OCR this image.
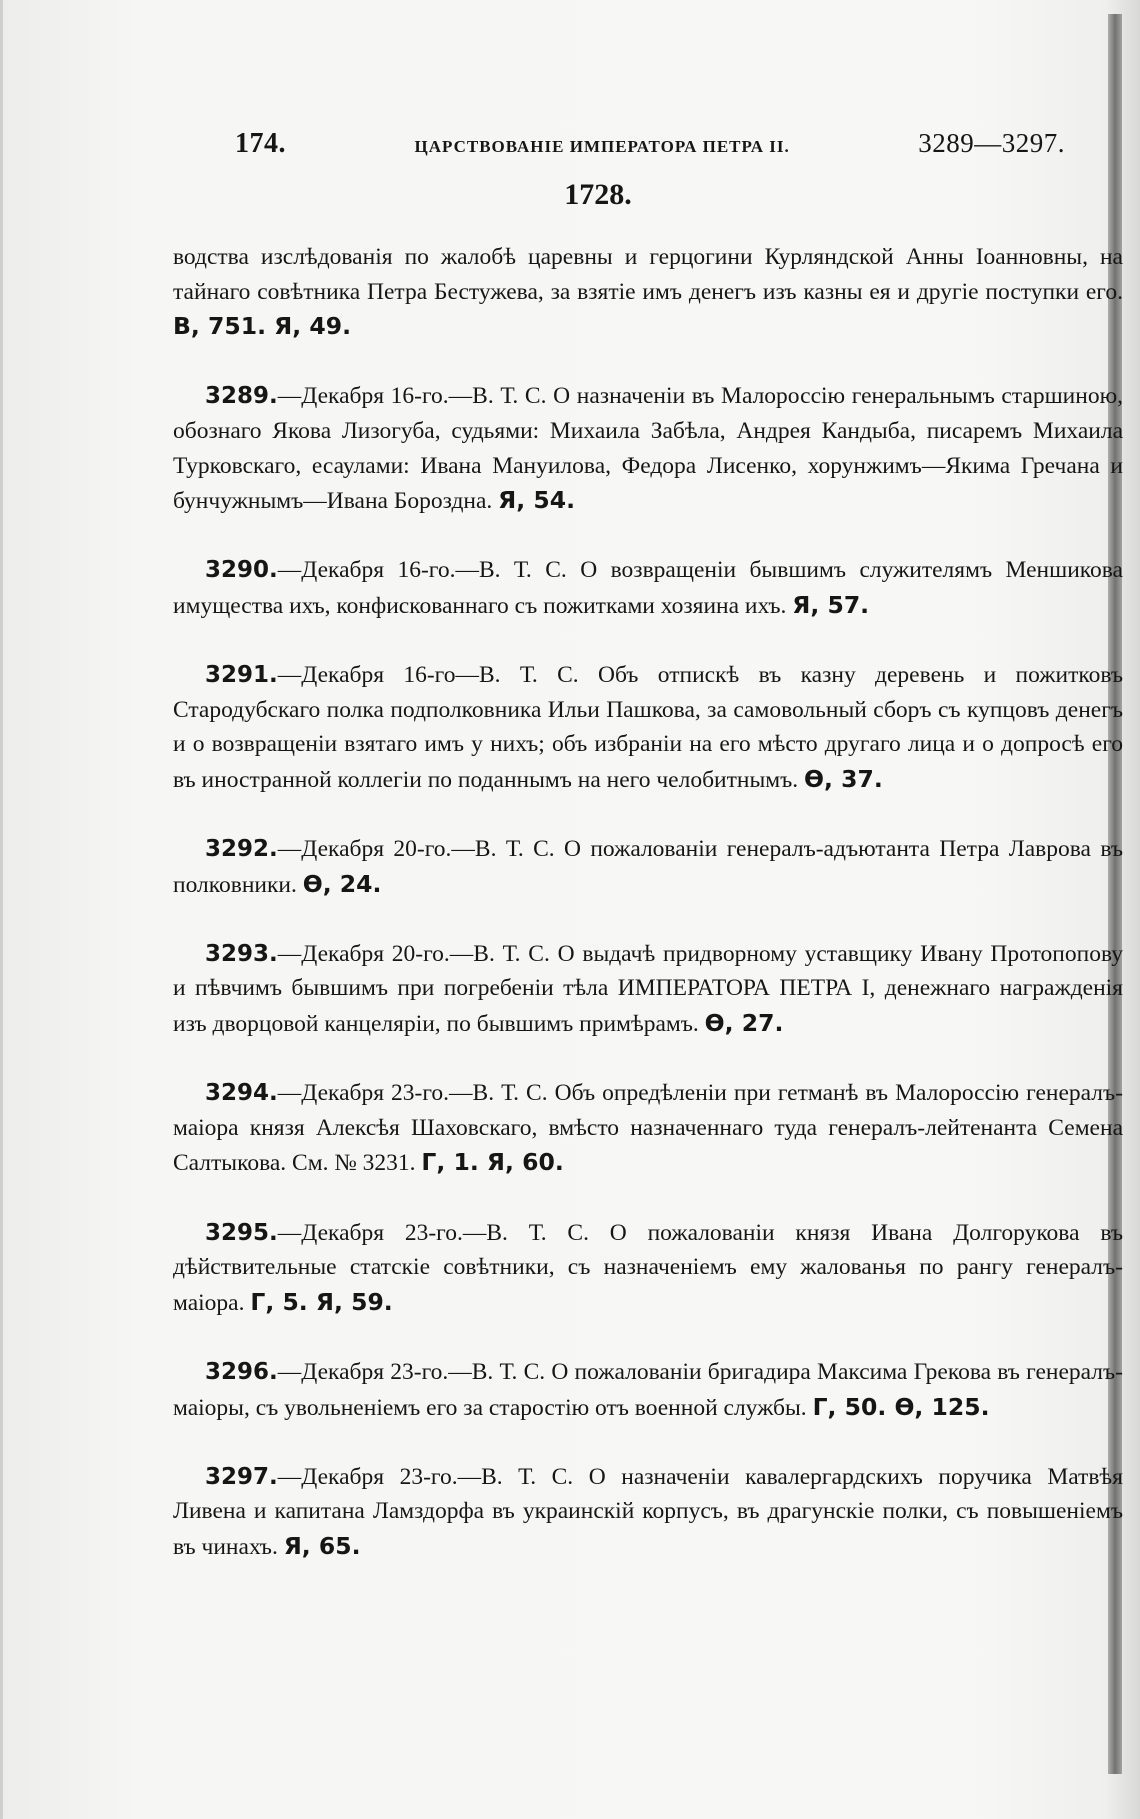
174.	ЦАРСТВОВАНІЕ ИМПЕРАТОРА ПЕТРА II.	3289—3297.
1728.

водства изслѣдованія по жалобѣ царевны и герцогини Курляндской Анны Іоанновны, на тайнаго совѣтника Петра Бестужева, за взятіе имъ денегъ изъ казны ея и другіе поступки его. В, 751. Я, 49.

3289.—Декабря 16-го.—В. Т. С. О назначеніи въ Малороссію генеральнымъ старшиною, обознаго Якова Лизогуба, судьями: Михаила Забѣла, Андрея Кандыба, писаремъ Михаила Турковскаго, есаулами: Ивана Мануилова, Федора Лисенко, хорунжимъ—Якима Гречана и бунчужнымъ—Ивана Борозднa. Я, 54.

3290.—Декабря 16-го.—В. Т. С. О возвращеніи бывшимъ служителямъ Меншикова имущества ихъ, конфискованнаго съ пожитками хозяина ихъ. Я, 57.

3291.—Декабря 16-го—В. Т. С. Объ отпискѣ въ казну деревень и пожитковъ Стародубскаго полка подполковника Ильи Пашкова, за самовольный сборъ съ купцовъ денегъ и о возвращеніи взятаго имъ у нихъ; объ избраніи на его мѣсто другаго лица и о допросѣ его въ иностранной коллегіи по поданнымъ на него челобитнымъ. Ѳ, 37.

3292.—Декабря 20-го.—В. Т. С. О пожалованіи генералъ-адъютанта Петра Лаврова въ полковники. Ѳ, 24.

3293.—Декабря 20-го.—В. Т. С. О выдачѣ придворному уставщику Ивану Протопопову и пѣвчимъ бывшимъ при погребеніи тѣла ИМПЕРАТОРА ПЕТРА I, денежнаго награжденія изъ дворцовой канцеляріи, по бывшимъ примѣрамъ. Ѳ, 27.

3294.—Декабря 23-го.—В. Т. С. Объ опредѣленіи при гетманѣ въ Малороссію генералъ-маіора князя Алексѣя Шаховскаго, вмѣсто назначеннаго туда генералъ-лейтенанта Семена Салтыкова. См. № 3231. Г, 1. Я, 60.

3295.—Декабря 23-го.—В. Т. С. О пожалованіи князя Ивана Долгорукова въ дѣйствительные статскіе совѣтники, съ назначеніемъ ему жалованья по рангу генералъ-маіора. Г, 5. Я, 59.

3296.—Декабря 23-го.—В. Т. С. О пожалованіи бригадира Максима Грекова въ генералъ-маіоры, съ увольненіемъ его за старостію отъ военной службы. Г, 50. Ѳ, 125.

3297.—Декабря 23-го.—В. Т. С. О назначеніи кавалергардскихъ поручика Матвѣя Ливена и капитана Ламздорфа въ украинскій корпусъ, въ драгунскіе полки, съ повышеніемъ въ чинахъ. Я, 65.
